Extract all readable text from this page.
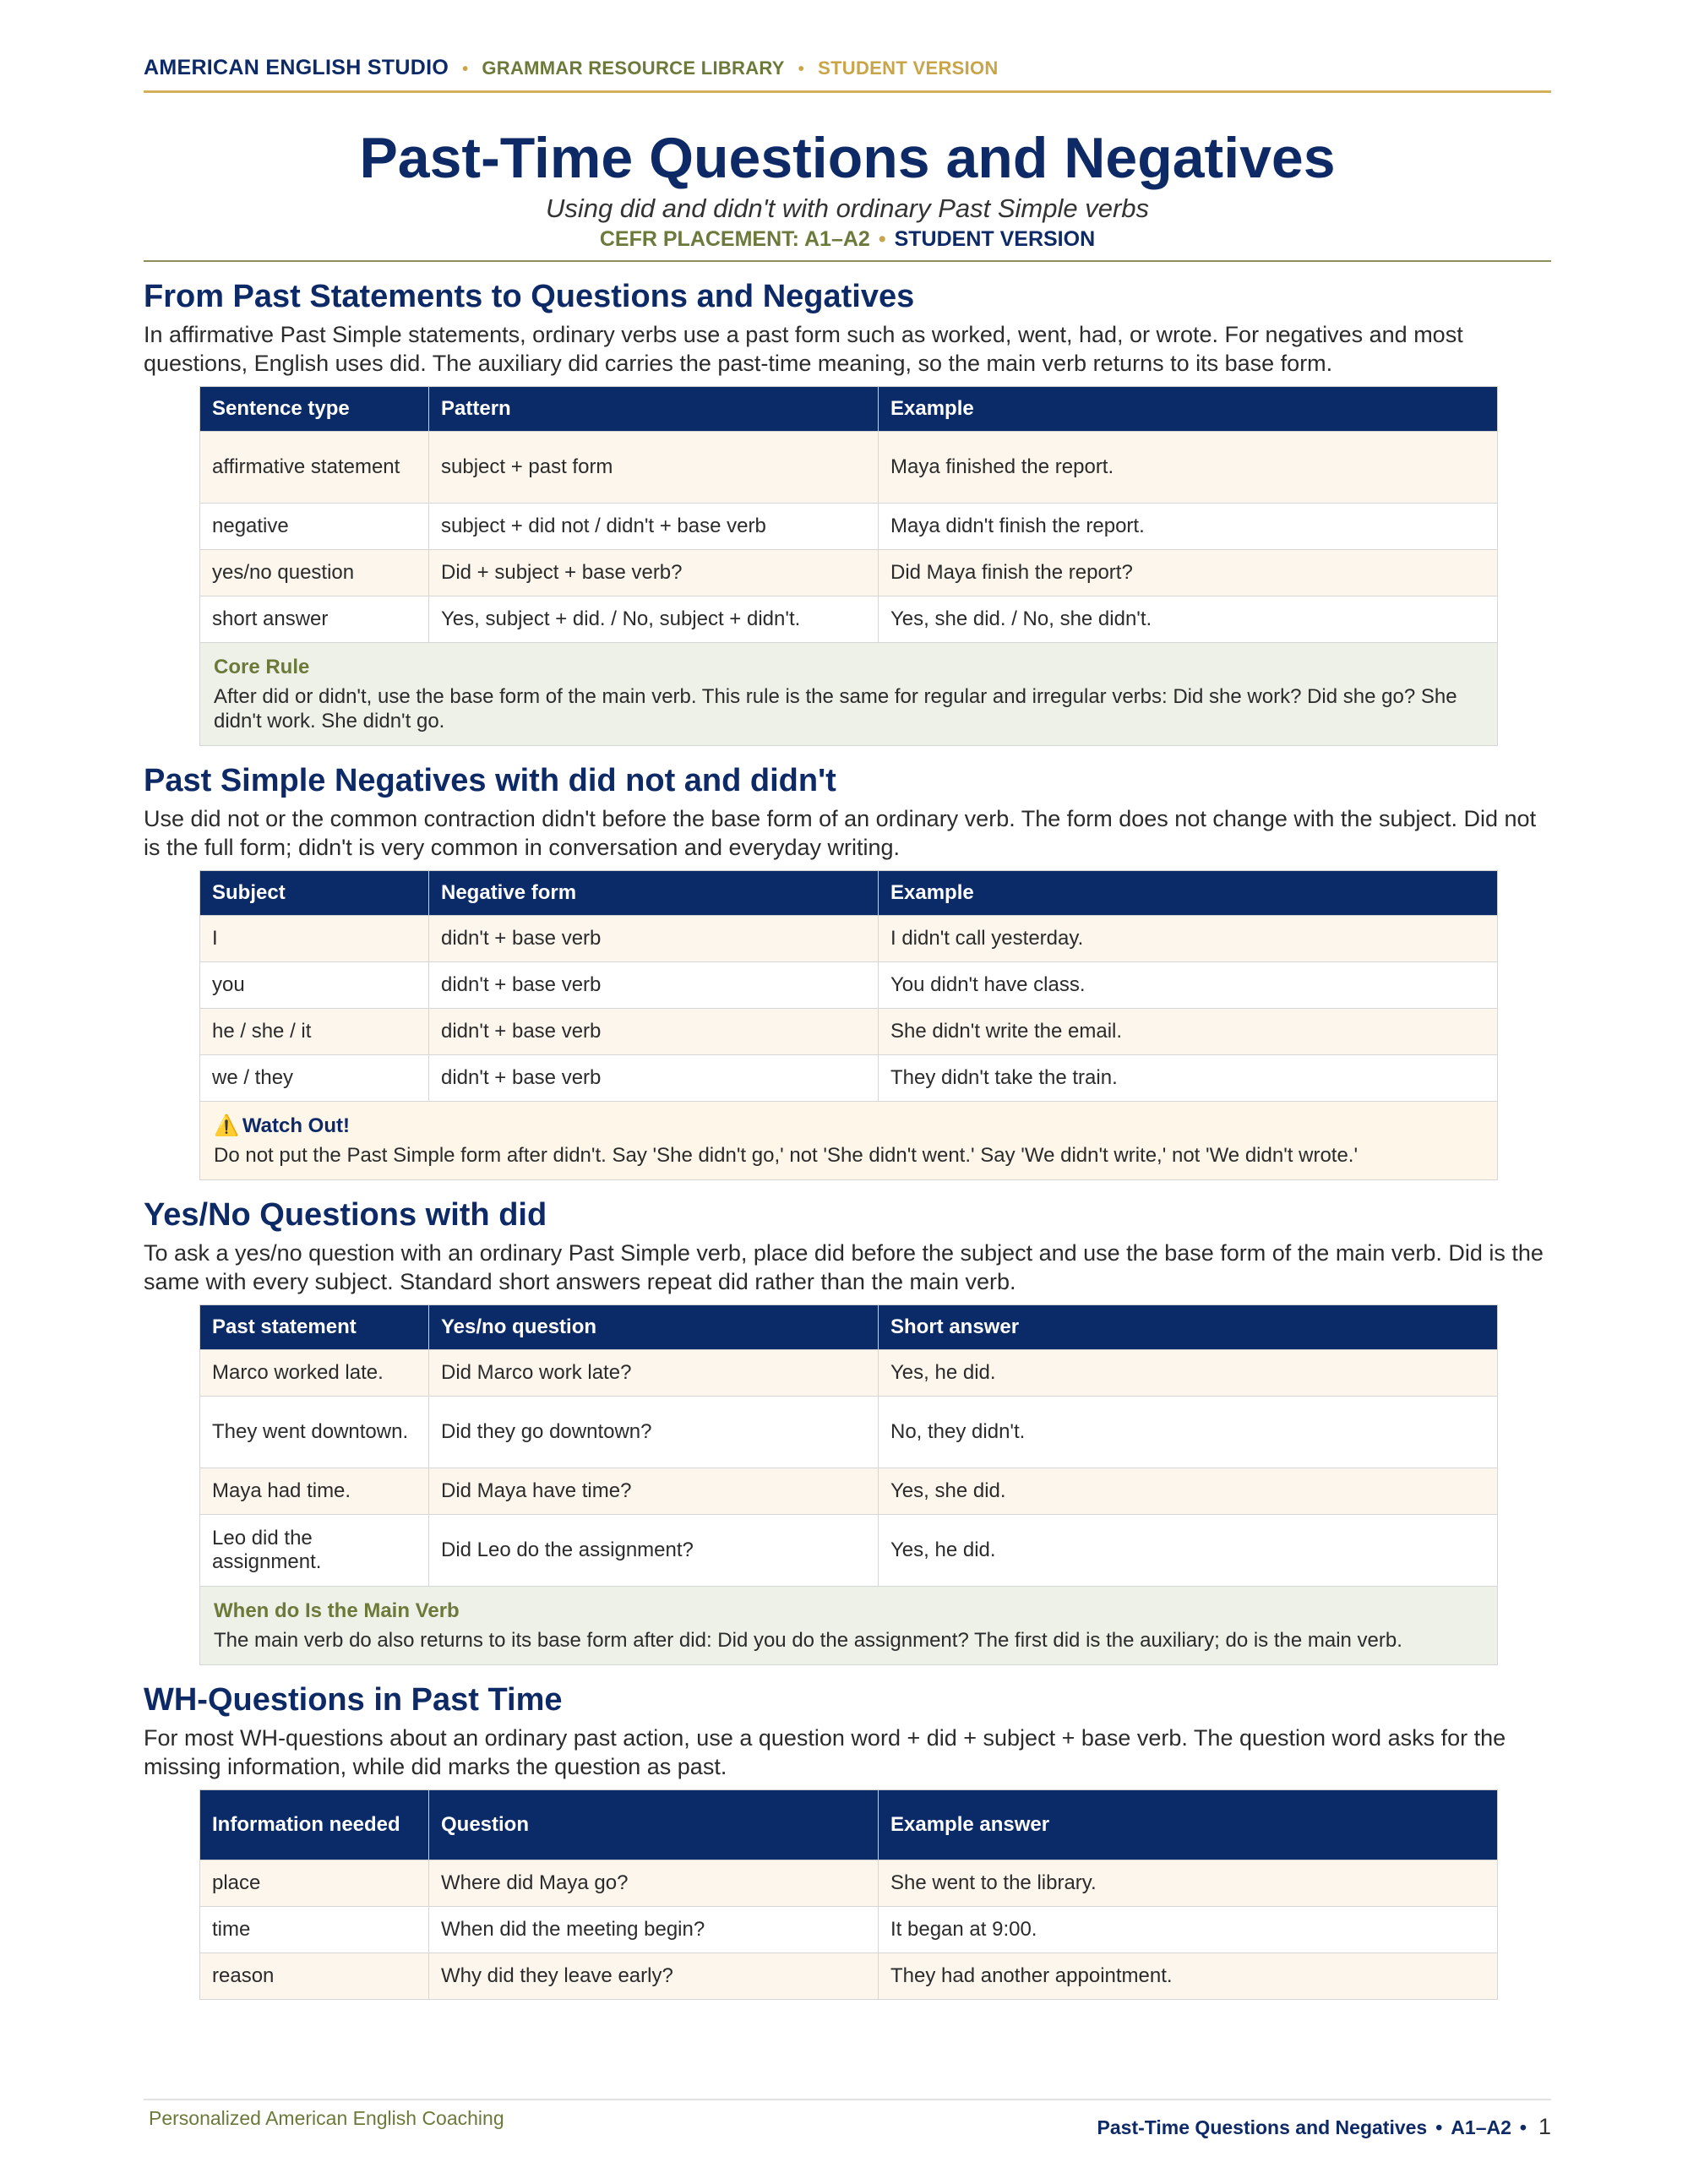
AMERICAN ENGLISH STUDIO • GRAMMAR RESOURCE LIBRARY • STUDENT VERSION
Past-Time Questions and Negatives
Using did and didn't with ordinary Past Simple verbs
CEFR PLACEMENT: A1–A2 • STUDENT VERSION
From Past Statements to Questions and Negatives

In affirmative Past Simple statements, ordinary verbs use a past form such as worked, went, had, or wrote. For negatives and most questions, English uses did. The auxiliary did carries the past-time meaning, so the main verb returns to its base form.

Sentence type	Pattern	Example
affirmative statement	subject + past form	Maya finished the report.
negative	subject + did not / didn't + base verb	Maya didn't finish the report.
yes/no question	Did + subject + base verb?	Did Maya finish the report?
short answer	Yes, subject + did. / No, subject + didn't.	Yes, she did. / No, she didn't.
Core Rule
After did or didn't, use the base form of the main verb. This rule is the same for regular and irregular verbs: Did she work? Did she go? She didn't work. She didn't go.
Past Simple Negatives with did not and didn't

Use did not or the common contraction didn't before the base form of an ordinary verb. The form does not change with the subject. Did not is the full form; didn't is very common in conversation and everyday writing.

Subject	Negative form	Example
I	didn't + base verb	I didn't call yesterday.
you	didn't + base verb	You didn't have class.
he / she / it	didn't + base verb	She didn't write the email.
we / they	didn't + base verb	They didn't take the train.
⚠️ Watch Out!
Do not put the Past Simple form after didn't. Say 'She didn't go,' not 'She didn't went.' Say 'We didn't write,' not 'We didn't wrote.'
Yes/No Questions with did

To ask a yes/no question with an ordinary Past Simple verb, place did before the subject and use the base form of the main verb. Did is the same with every subject. Standard short answers repeat did rather than the main verb.

Past statement	Yes/no question	Short answer
Marco worked late.	Did Marco work late?	Yes, he did.
They went downtown.	Did they go downtown?	No, they didn't.
Maya had time.	Did Maya have time?	Yes, she did.
Leo did the assignment.	Did Leo do the assignment?	Yes, he did.
When do Is the Main Verb
The main verb do also returns to its base form after did: Did you do the assignment? The first did is the auxiliary; do is the main verb.
WH-Questions in Past Time

For most WH-questions about an ordinary past action, use a question word + did + subject + base verb. The question word asks for the missing information, while did marks the question as past.

Information needed	Question	Example answer
place	Where did Maya go?	She went to the library.
time	When did the meeting begin?	It began at 9:00.
reason	Why did they leave early?	They had another appointment.
Personalized American English Coaching	Past-Time Questions and Negatives • A1–A2 • 1
